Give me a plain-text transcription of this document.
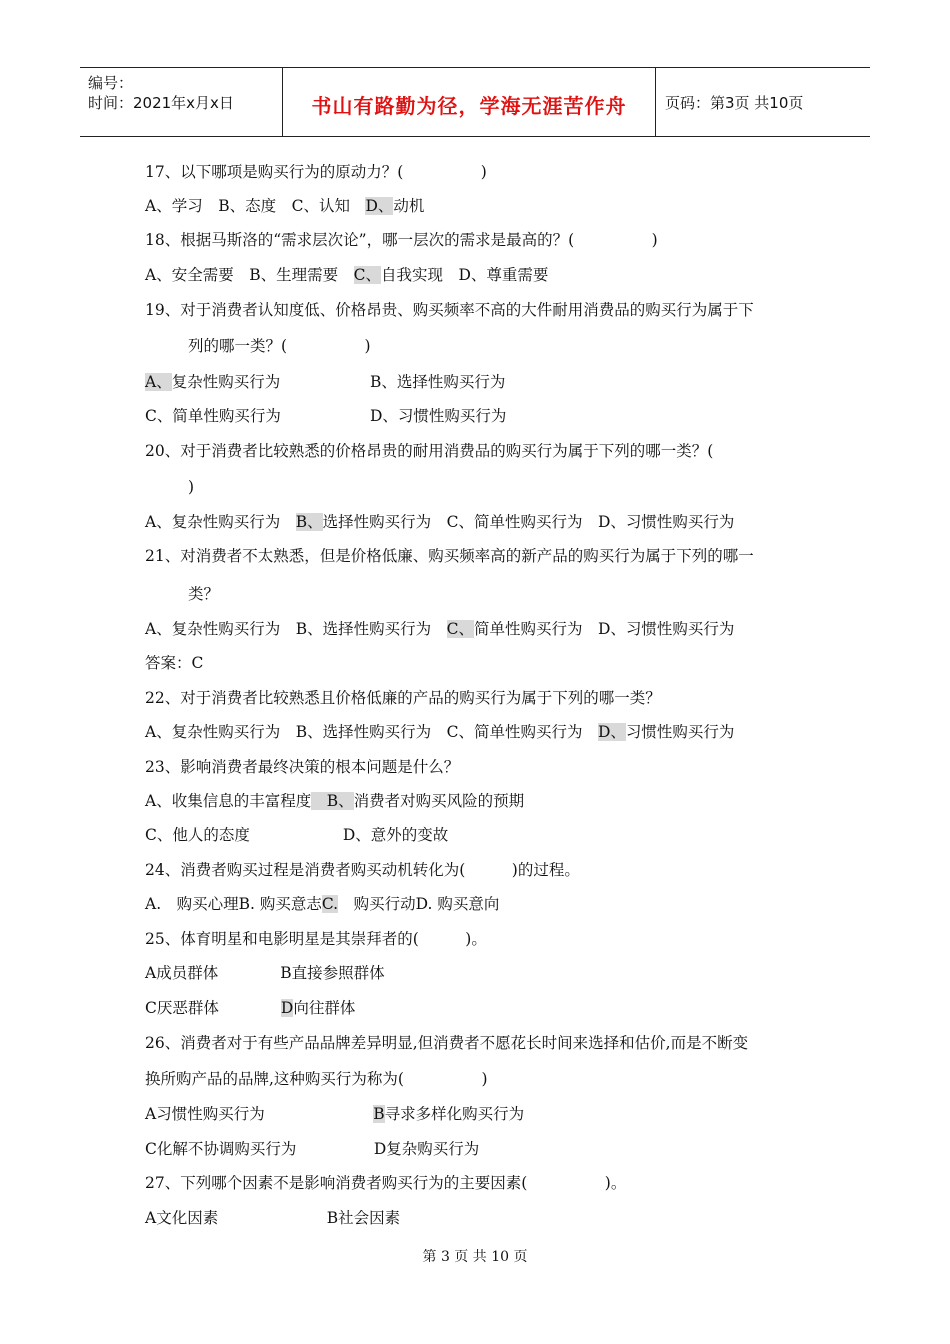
编号：
时间：2021年x月x日	书山有路勤为径，学海无涯苦作舟	页码：第3页 共10页
17、以下哪项是购买行为的原动力？(　　　　　)
A、学习　B、态度　C、认知　D、动机
18、根据马斯洛的“需求层次论”，哪一层次的需求是最高的？(　　　　　)
A、安全需要　B、生理需要　C、自我实现　D、尊重需要
19、对于消费者认知度低、价格昂贵、购买频率不高的大件耐用消费品的购买行为属于下
列的哪一类？(　　　　　)
A、复杂性购买行为	B、选择性购买行为
C、简单性购买行为	D、习惯性购买行为
20、对于消费者比较熟悉的价格昂贵的耐用消费品的购买行为属于下列的哪一类？(
)
A、复杂性购买行为　B、选择性购买行为　C、简单性购买行为　D、习惯性购买行为
21、对消费者不太熟悉，但是价格低廉、购买频率高的新产品的购买行为属于下列的哪一
类？
A、复杂性购买行为　B、选择性购买行为　C、简单性购买行为　D、习惯性购买行为
答案：C
22、对于消费者比较熟悉且价格低廉的产品的购买行为属于下列的哪一类？
A、复杂性购买行为　B、选择性购买行为　C、简单性购买行为　D、习惯性购买行为
23、影响消费者最终决策的根本问题是什么？
A、收集信息的丰富程度　B、消费者对购买风险的预期
C、他人的态度　　　　　　D、意外的变故
24、消费者购买过程是消费者购买动机转化为(　　　)的过程。
A.　购买心理B. 购买意志C.　购买行动D. 购买意向
25、体育明星和电影明星是其崇拜者的(　　　)。
A成员群体　　　　B直接参照群体
C厌恶群体　　　　D向往群体
26、消费者对于有些产品品牌差异明显,但消费者不愿花长时间来选择和估价,而是不断变
换所购产品的品牌,这种购买行为称为(　　　　　)
A习惯性购买行为　　　　　　　B寻求多样化购买行为
C化解不协调购买行为　　　　　D复杂购买行为
27、下列哪个因素不是影响消费者购买行为的主要因素(　　　　　)。
A文化因素　　　　　　　B社会因素
第 3 页 共 10 页
